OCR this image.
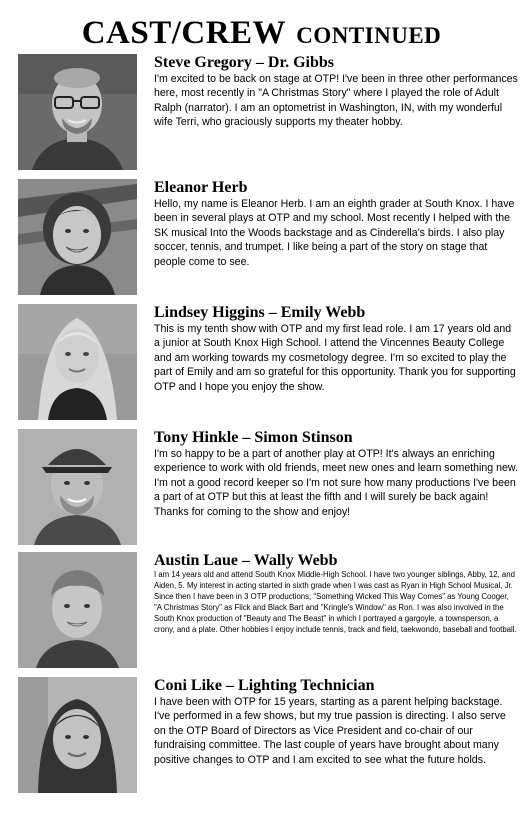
CAST/CREW CONTINUED
Steve Gregory – Dr. Gibbs

I'm excited to be back on stage at OTP! I've been in three other performances here, most recently in "A Christmas Story" where I played the role of Adult Ralph (narrator). I am an optometrist in Washington, IN, with my wonderful wife Terri, who graciously supports my theater hobby.

Eleanor Herb

Hello, my name is Eleanor Herb. I am an eighth grader at South Knox. I have been in several plays at OTP and my school. Most recently I helped with the SK musical Into the Woods backstage and as Cinderella's birds. I also play soccer, tennis, and trumpet. I like being a part of the story on stage that people come to see.

Lindsey Higgins – Emily Webb

This is my tenth show with OTP and my first lead role. I am 17 years old and a junior at South Knox High School. I attend the Vincennes Beauty College and am working towards my cosmetology degree. I'm so excited to play the part of Emily and am so grateful for this opportunity. Thank you for supporting OTP and I hope you enjoy the show.

Tony Hinkle – Simon Stinson

I'm so happy to be a part of another play at OTP! It's always an enriching experience to work with old friends, meet new ones and learn something new. I'm not a good record keeper so I'm not sure how many productions I've been a part of at OTP but this at least the fifth and I will surely be back again! Thanks for coming to the show and enjoy!

Austin Laue – Wally Webb

I am 14 years old and attend South Knox Middle-High School. I have two younger siblings, Abby, 12, and Aiden, 5. My interest in acting started in sixth grade when I was cast as Ryan in High School Musical, Jr. Since then I have been in 3 OTP productions; "Something Wicked This Way Comes" as Young Cooger, "A Christmas Story" as Flick and Black Bart and "Kringle's Window" as Ron. I was also involved in the South Knox production of "Beauty and The Beast" in which I portrayed a gargoyle, a townsperson, a crony, and a plate. Other hobbies I enjoy include tennis, track and field, taekwondo, baseball and football.

Coni Like – Lighting Technician

I have been with OTP for 15 years, starting as a parent helping backstage. I've performed in a few shows, but my true passion is directing. I also serve on the OTP Board of Directors as Vice President and co-chair of our fundraising committee. The last couple of years have brought about many positive changes to OTP and I am excited to see what the future holds.
